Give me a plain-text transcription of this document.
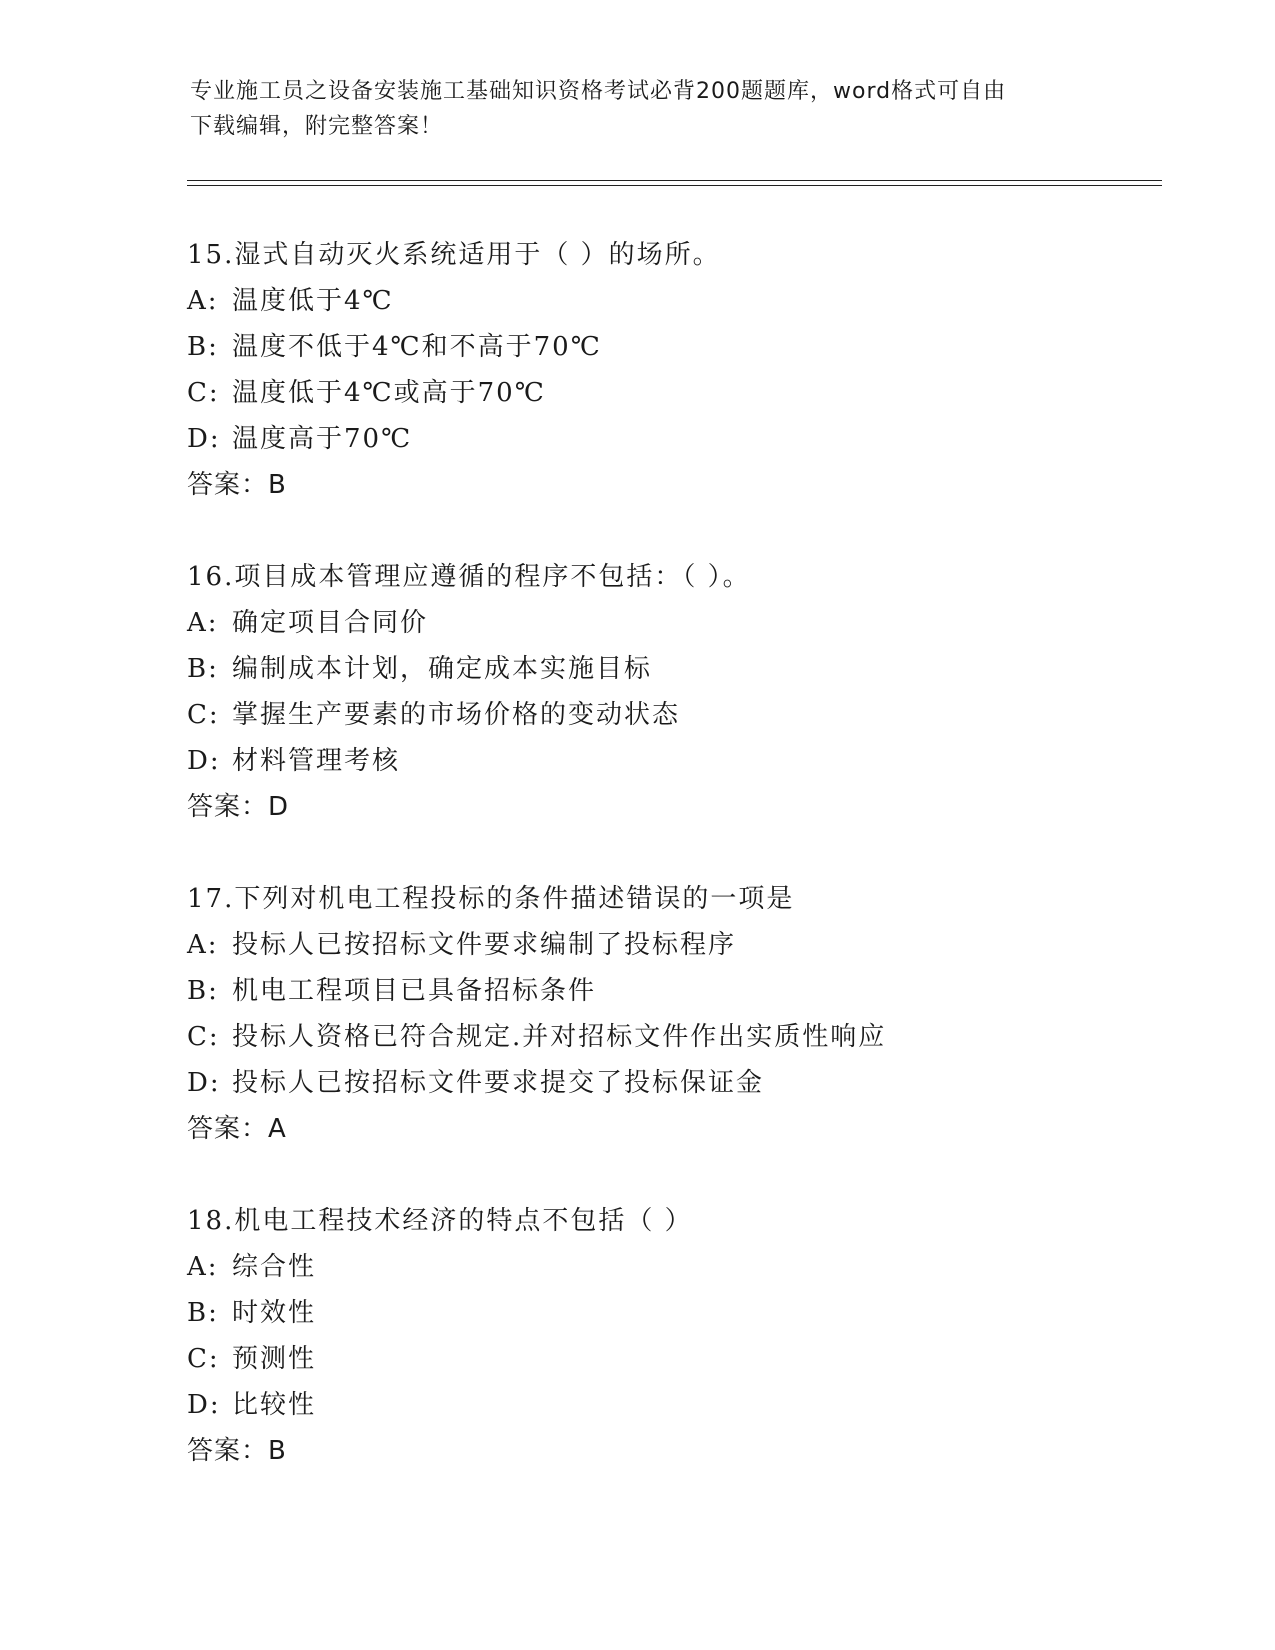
专业施工员之设备安装施工基础知识资格考试必背200题题库，word格式可自由
下载编辑，附完整答案！
15.湿式自动灭火系统适用于（ ）的场所。
A: 温度低于4℃
B: 温度不低于4℃和不高于70℃
C: 温度低于4℃或高于70℃
D: 温度高于70℃
答案：B
16.项目成本管理应遵循的程序不包括：（ ）。
A: 确定项目合同价
B: 编制成本计划，确定成本实施目标
C: 掌握生产要素的市场价格的变动状态
D: 材料管理考核
答案：D
17.下列对机电工程投标的条件描述错误的一项是
A: 投标人已按招标文件要求编制了投标程序
B: 机电工程项目已具备招标条件
C: 投标人资格已符合规定.并对招标文件作出实质性响应
D: 投标人已按招标文件要求提交了投标保证金
答案：A
18.机电工程技术经济的特点不包括（ ）
A: 综合性
B: 时效性
C: 预测性
D: 比较性
答案：B
